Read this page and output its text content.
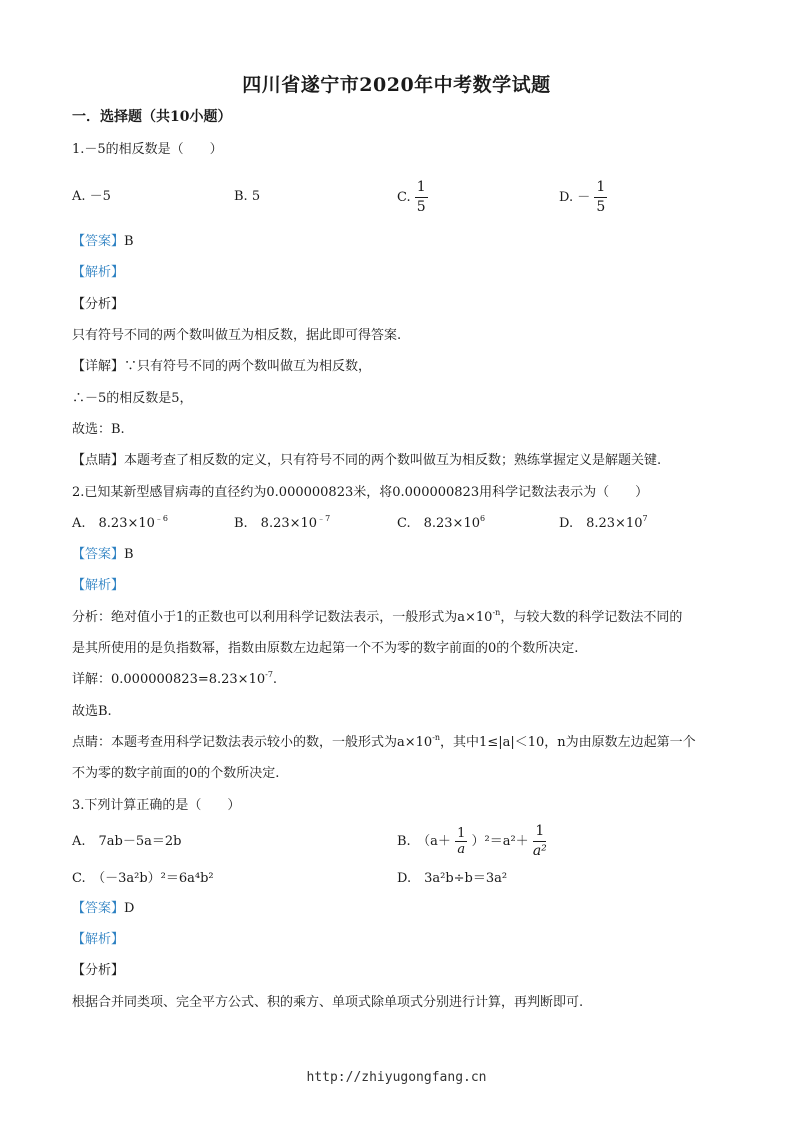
四川省遂宁市2020年中考数学试题
一．选择题（共10小题）
1.－5的相反数是（　　）
A. －5	B. 5	C. $\frac{1}{5}$	D. － $\frac{1}{5}$
【答案】B
【解析】
【分析】
只有符号不同的两个数叫做互为相反数，据此即可得答案.
【详解】∵只有符号不同的两个数叫做互为相反数，
∴－5的相反数是5，
故选：B.
【点睛】本题考查了相反数的定义，只有符号不同的两个数叫做互为相反数；熟练掌握定义是解题关键.
2.已知某新型感冒病毒的直径约为0.000000823米，将0.000000823用科学记数法表示为（　　）
A.　$8.23\times 10^{﹣6}$	B.　$8.23\times 10^{﹣7}$	C.　$8.23\times 10^6$	D.　$8.23\times 10^7$
【答案】B
【解析】
分析：绝对值小于1的正数也可以利用科学记数法表示，一般形式为$a\times 10^{-n}$，与较大数的科学记数法不同的
是其所使用的是负指数幂，指数由原数左边起第一个不为零的数字前面的0的个数所决定.
详解：$0.000000823=8.23\times 10^{-7}$.
故选B.
点睛：本题考查用科学记数法表示较小的数，一般形式为$a\times 10^{-n}$，其中1≤|a|＜10，n为由原数左边起第一个
不为零的数字前面的0的个数所决定.
3.下列计算正确的是（　　）
A.　7ab－5a＝2b	B.　$(a+ \frac{1}{a} )^2=a^2+ \frac{1}{\text{a²}}$
C.　（－3a²b）²＝6a⁴b²	D.　3a²b÷b＝3a²
【答案】D
【解析】
【分析】
根据合并同类项、完全平方公式、积的乘方、单项式除单项式分别进行计算，再判断即可.
http://zhiyugongfang.cn
